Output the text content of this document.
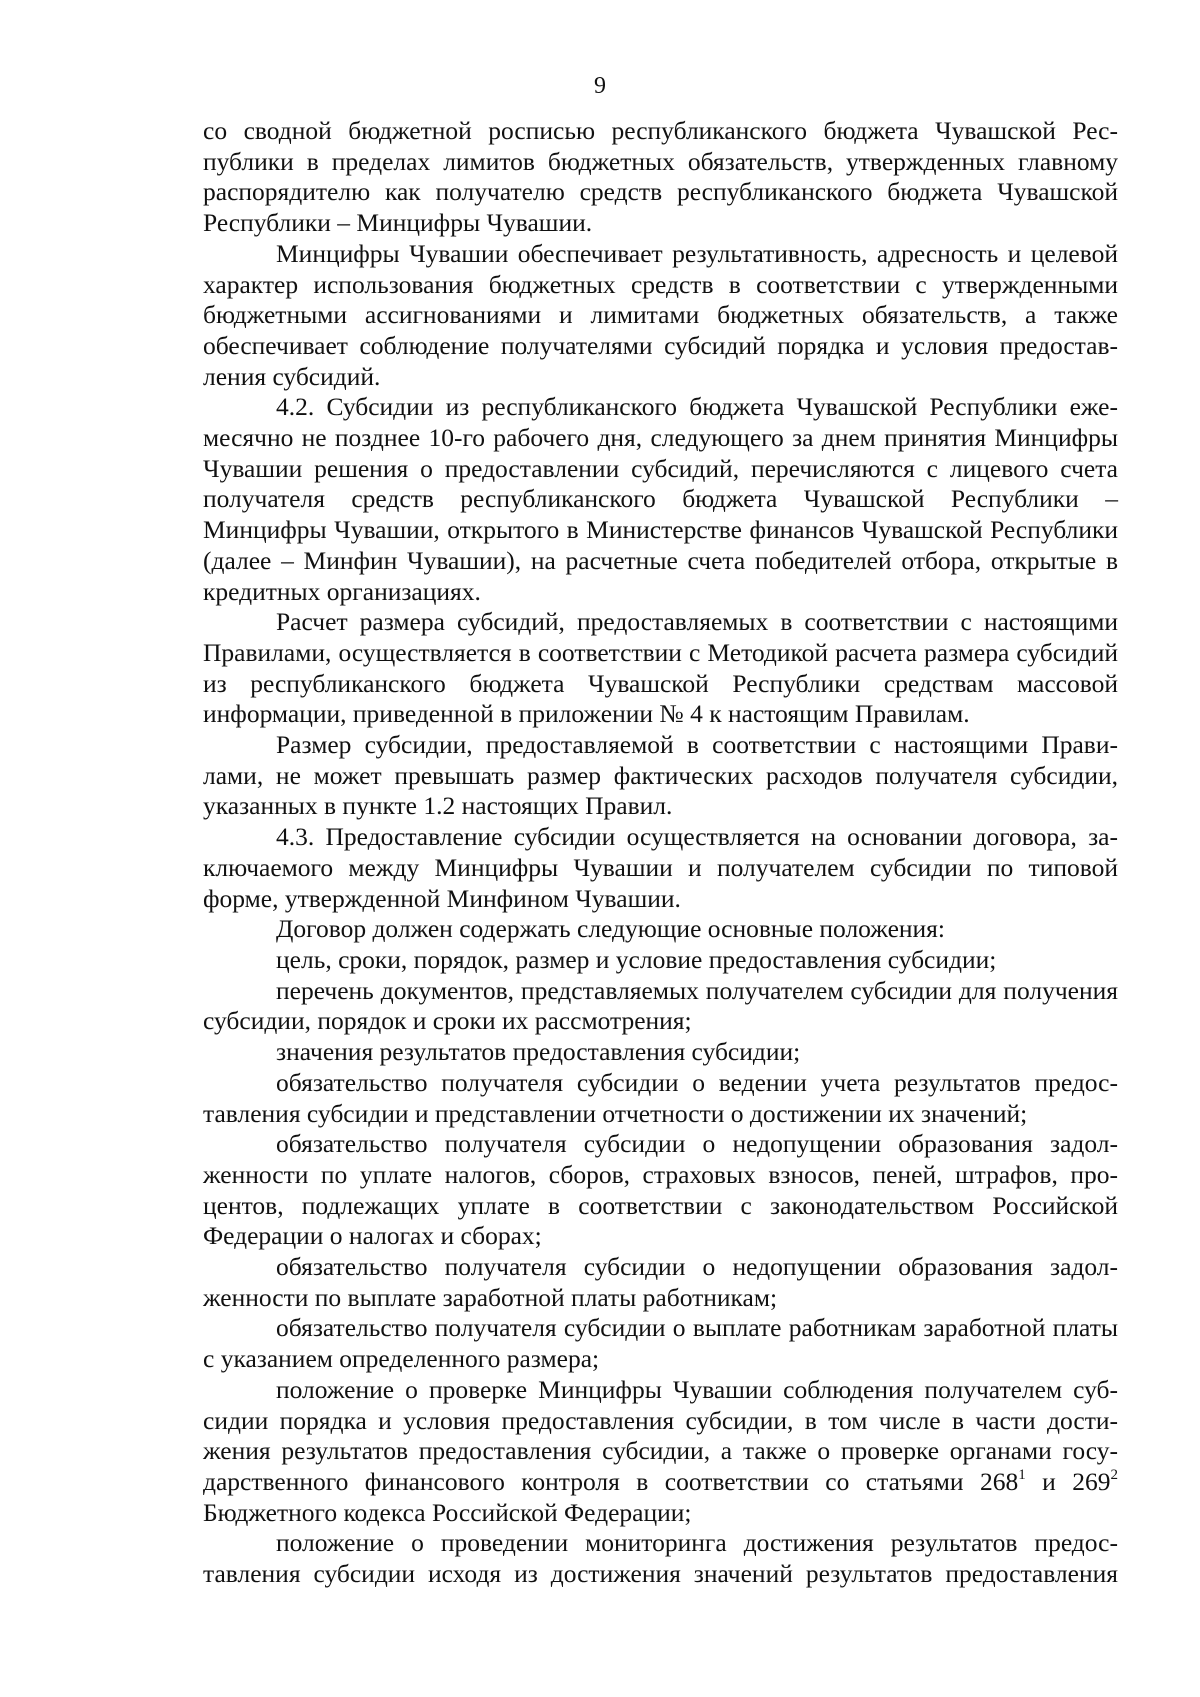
9

со сводной бюджетной росписью республиканского бюджета Чувашской Республики в пределах лимитов бюджетных обязательств, утвержденных главному распорядителю как получателю средств республиканского бюджета Чувашской Республики – Минцифры Чувашии.

Минцифры Чувашии обеспечивает результативность, адресность и целевой характер использования бюджетных средств в соответствии с утвержденными бюджетными ассигнованиями и лимитами бюджетных обязательств, а также обеспечивает соблюдение получателями субсидий порядка и условия предоставления субсидий.

4.2. Субсидии из республиканского бюджета Чувашской Республики ежемесячно не позднее 10-го рабочего дня, следующего за днем принятия Минцифры Чувашии решения о предоставлении субсидий, перечисляются с лицевого счета получателя средств республиканского бюджета Чувашской Республики – Минцифры Чувашии, открытого в Министерстве финансов Чувашской Республики (далее – Минфин Чувашии), на расчетные счета победителей отбора, открытые в кредитных организациях.

Расчет размера субсидий, предоставляемых в соответствии с настоящими Правилами, осуществляется в соответствии с Методикой расчета размера субсидий из республиканского бюджета Чувашской Республики средствам массовой информации, приведенной в приложении № 4 к настоящим Правилам.

Размер субсидии, предоставляемой в соответствии с настоящими Правилами, не может превышать размер фактических расходов получателя субсидии, указанных в пункте 1.2 настоящих Правил.

4.3. Предоставление субсидии осуществляется на основании договора, заключаемого между Минцифры Чувашии и получателем субсидии по типовой форме, утвержденной Минфином Чувашии.

Договор должен содержать следующие основные положения:

цель, сроки, порядок, размер и условие предоставления субсидии;

перечень документов, представляемых получателем субсидии для получения субсидии, порядок и сроки их рассмотрения;

значения результатов предоставления субсидии;

обязательство получателя субсидии о ведении учета результатов предоставления субсидии и представлении отчетности о достижении их значений;

обязательство получателя субсидии о недопущении образования задолженности по уплате налогов, сборов, страховых взносов, пеней, штрафов, процентов, подлежащих уплате в соответствии с законодательством Российской Федерации о налогах и сборах;

обязательство получателя субсидии о недопущении образования задолженности по выплате заработной платы работникам;

обязательство получателя субсидии о выплате работникам заработной платы с указанием определенного размера;

положение о проверке Минцифры Чувашии соблюдения получателем субсидии порядка и условия предоставления субсидии, в том числе в части достижения результатов предоставления субсидии, а также о проверке органами государственного финансового контроля в соответствии со статьями $268^1$ и $269^2$ Бюджетного кодекса Российской Федерации;

положение о проведении мониторинга достижения результатов предоставления субсидии исходя из достижения значений результатов предоставления
